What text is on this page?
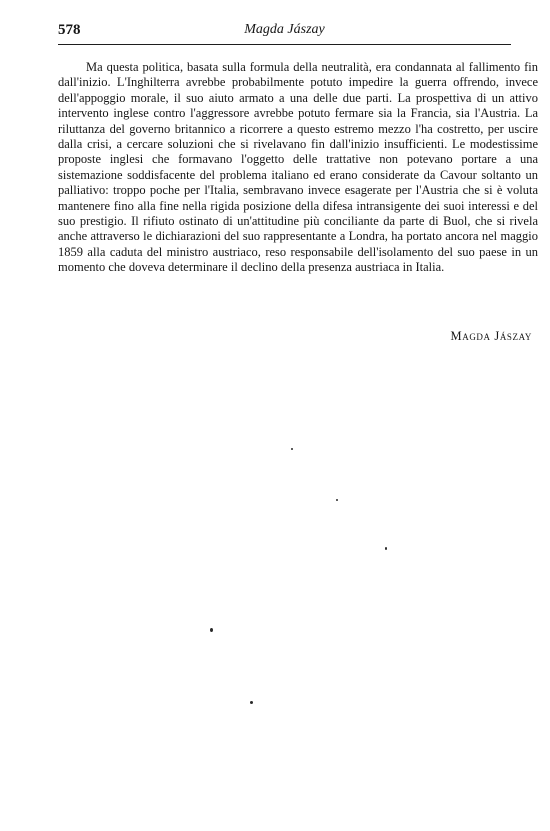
578	Magda Jászay

Ma questa politica, basata sulla formula della neutralità, era condannata al fallimento fin dall'inizio. L'Inghilterra avrebbe probabilmente potuto impedire la guerra offrendo, invece dell'appoggio morale, il suo aiuto armato a una delle due parti. La prospettiva di un attivo intervento inglese contro l'aggressore avrebbe potuto fermare sia la Francia, sia l'Austria. La riluttanza del governo britannico a ricorrere a questo estremo mezzo l'ha costretto, per uscire dalla crisi, a cercare soluzioni che si rivelavano fin dall'inizio insufficienti. Le modestissime proposte inglesi che formavano l'oggetto delle trattative non potevano portare a una sistemazione soddisfacente del problema italiano ed erano considerate da Cavour soltanto un palliativo: troppo poche per l'Italia, sembravano invece esagerate per l'Austria che si è voluta mantenere fino alla fine nella rigida posizione della difesa intransigente dei suoi interessi e del suo prestigio. Il rifiuto ostinato di un'attitudine più conciliante da parte di Buol, che si rivela anche attraverso le dichiarazioni del suo rappresentante a Londra, ha portato ancora nel maggio 1859 alla caduta del ministro austriaco, reso responsabile dell'isolamento del suo paese in un momento che doveva determinare il declino della presenza austriaca in Italia.

Magda Jászay
